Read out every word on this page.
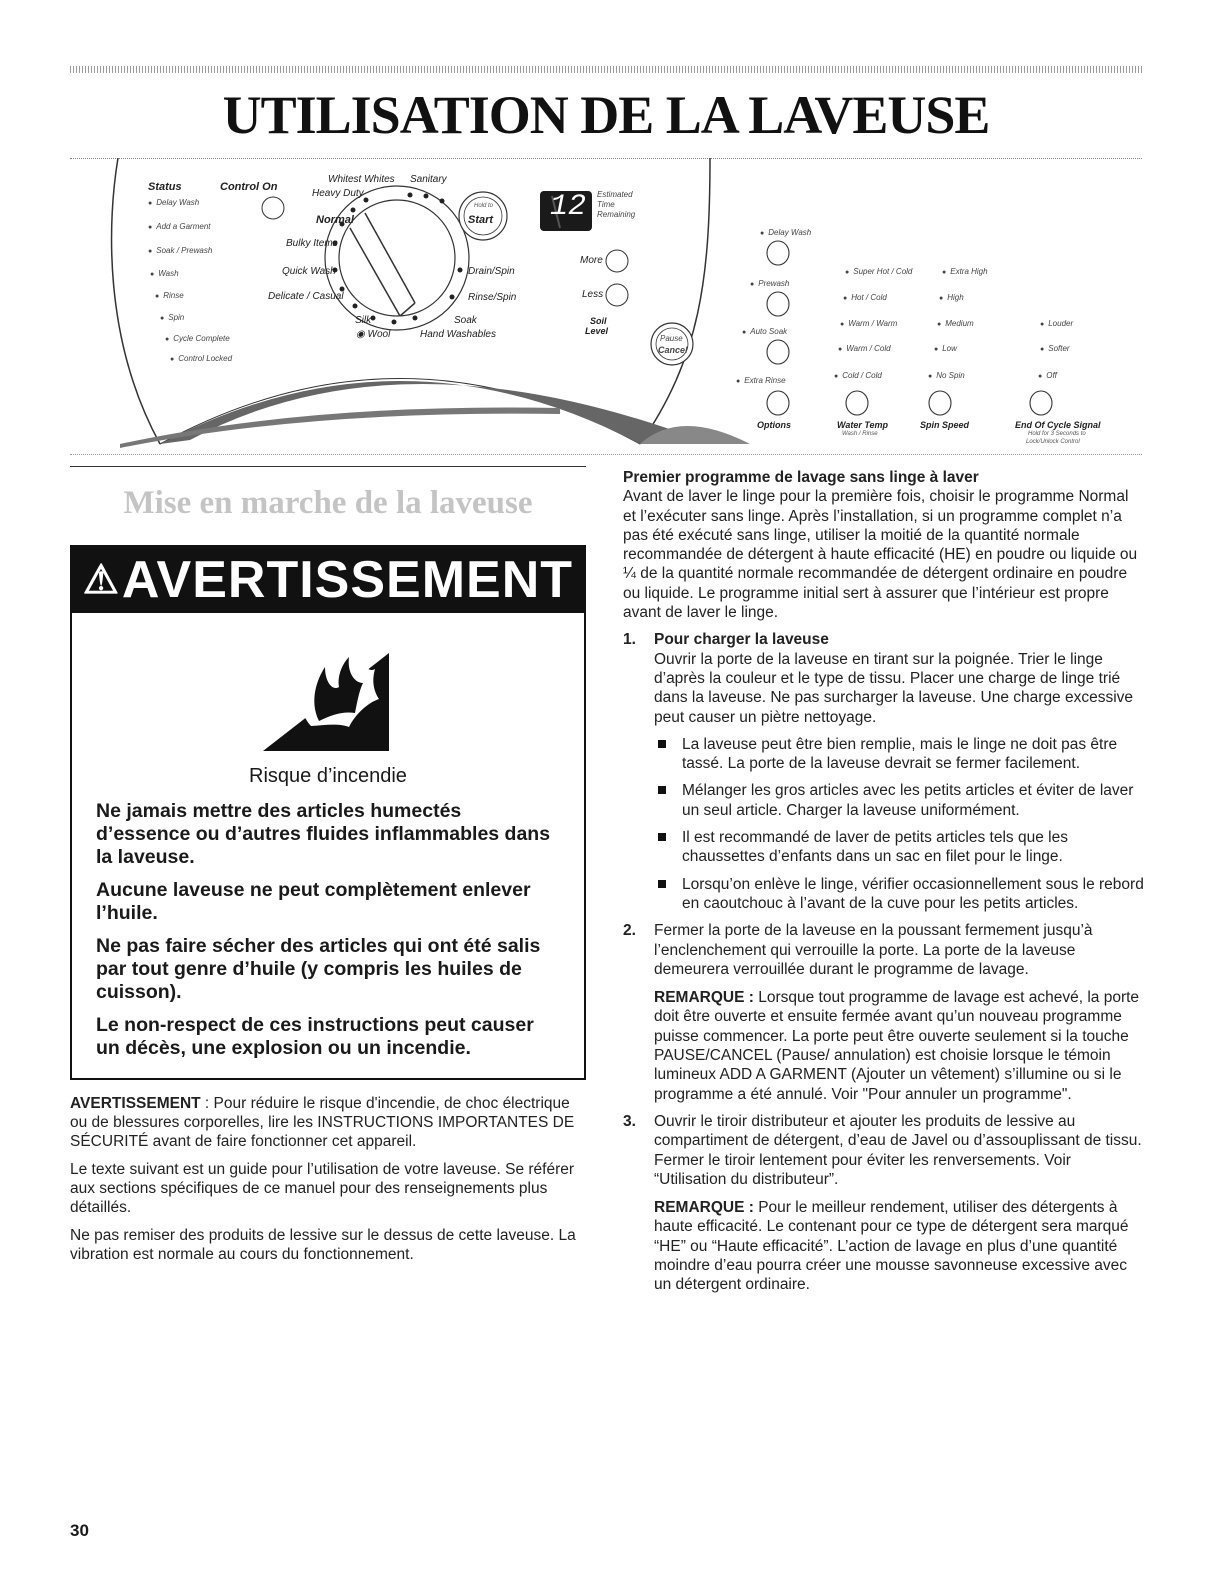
UTILISATION DE LA LAVEUSE
Status	Control On
● Delay Wash
● Add a Garment
● Soak / Prewash
● Wash
● Rinse
● Spin
● Cycle Complete
● Control Locked
Whitest Whites Sanitary
Heavy Duty
Normal
Bulky Items
Quick Wash
Delicate / Casual
Silk
◉ Wool	Hand Washables
Soak
Rinse/Spin
Drain/Spin
Hold to
Start 12 Estimated
Time
Remaining
More
Less
Soil
Level
Pause
Cancel
● Delay Wash
● Prewash
● Auto Soak
● Extra Rinse
Options
● Super Hot / Cold
● Hot / Cold
● Warm / Warm
● Warm / Cold
● Cold / Cold
Water Temp
Wash / Rinse
● Extra High
● High
● Medium
● Low
● No Spin
Spin Speed
● Louder
● Softer
● Off
End Of Cycle Signal
Hold for 3 Seconds to
Lock/Unlock Control
Mise en marche de la laveuse
⚠AVERTISSEMENT
Risque d’incendie

Ne jamais mettre des articles humectés d’essence ou d’autres fluides inflammables dans la laveuse.

Aucune laveuse ne peut complètement enlever l’huile.

Ne pas faire sécher des articles qui ont été salis par tout genre d’huile (y compris les huiles de cuisson).

Le non-respect de ces instructions peut causer un décès, une explosion ou un incendie.

AVERTISSEMENT : Pour réduire le risque d'incendie, de choc électrique ou de blessures corporelles, lire les INSTRUCTIONS IMPORTANTES DE SÉCURITÉ avant de faire fonctionner cet appareil.

Le texte suivant est un guide pour l’utilisation de votre laveuse. Se référer aux sections spécifiques de ce manuel pour des renseignements plus détaillés.

Ne pas remiser des produits de lessive sur le dessus de cette laveuse. La vibration est normale au cours du fonctionnement.

Premier programme de lavage sans linge à laver

Avant de laver le linge pour la première fois, choisir le programme Normal et l’exécuter sans linge. Après l’installation, si un programme complet n’a pas été exécuté sans linge, utiliser la moitié de la quantité normale recommandée de détergent à haute efficacité (HE) en poudre ou liquide ou ¼ de la quantité normale recommandée de détergent ordinaire en poudre ou liquide. Le programme initial sert à assurer que l’intérieur est propre avant de laver le linge.

1. Pour charger la laveuse

Ouvrir la porte de la laveuse en tirant sur la poignée. Trier le linge d’après la couleur et le type de tissu. Placer une charge de linge trié dans la laveuse. Ne pas surcharger la laveuse. Une charge excessive peut causer un piètre nettoyage.

La laveuse peut être bien remplie, mais le linge ne doit pas être tassé. La porte de la laveuse devrait se fermer facilement.
Mélanger les gros articles avec les petits articles et éviter de laver un seul article. Charger la laveuse uniformément.
Il est recommandé de laver de petits articles tels que les chaussettes d’enfants dans un sac en filet pour le linge.
Lorsqu’on enlève le linge, vérifier occasionnellement sous le rebord en caoutchouc à l’avant de la cuve pour les petits articles.
2. Fermer la porte de la laveuse en la poussant fermement jusqu’à l’enclenchement qui verrouille la porte. La porte de la laveuse demeurera verrouillée durant le programme de lavage.

REMARQUE : Lorsque tout programme de lavage est achevé, la porte doit être ouverte et ensuite fermée avant qu’un nouveau programme puisse commencer. La porte peut être ouverte seulement si la touche PAUSE/CANCEL (Pause/ annulation) est choisie lorsque le témoin lumineux ADD A GARMENT (Ajouter un vêtement) s’illumine ou si le programme a été annulé. Voir "Pour annuler un programme".

3. Ouvrir le tiroir distributeur et ajouter les produits de lessive au compartiment de détergent, d’eau de Javel ou d’assouplissant de tissu. Fermer le tiroir lentement pour éviter les renversements. Voir “Utilisation du distributeur”.

REMARQUE : Pour le meilleur rendement, utiliser des détergents à haute efficacité. Le contenant pour ce type de détergent sera marqué “HE” ou “Haute efficacité”. L’action de lavage en plus d’une quantité moindre d’eau pourra créer une mousse savonneuse excessive avec un détergent ordinaire.

30
